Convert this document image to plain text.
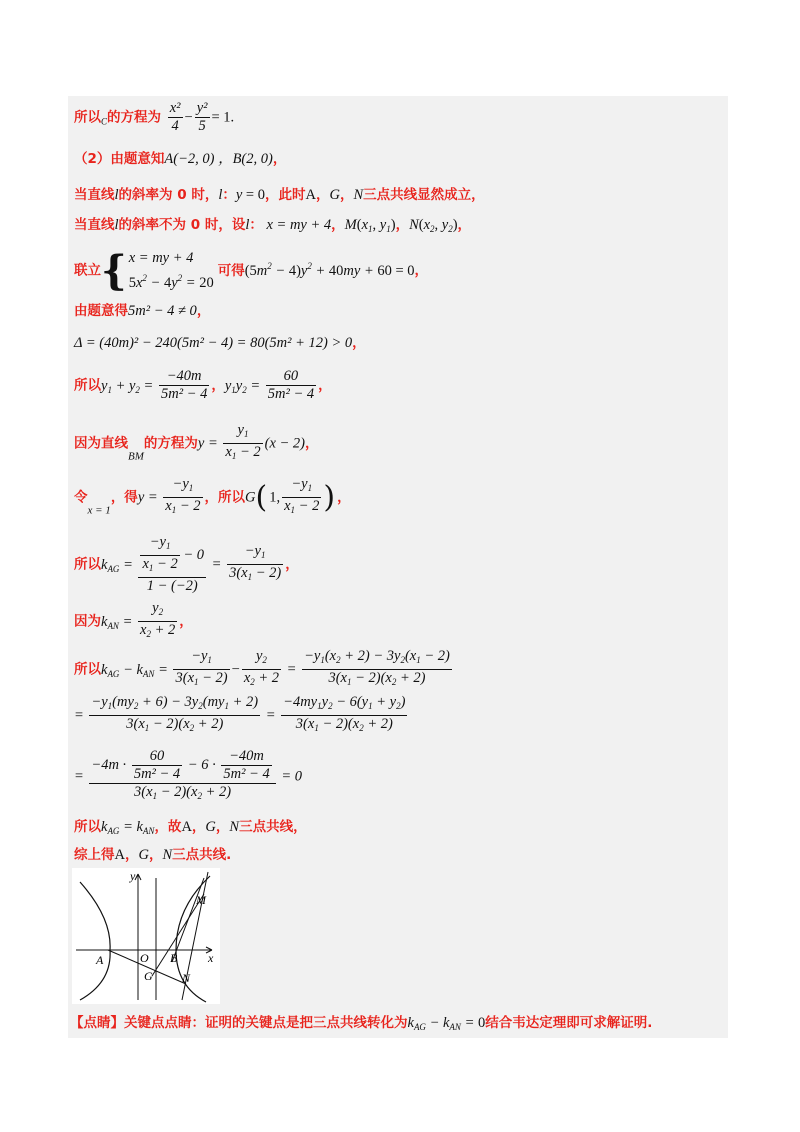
所以$_C$的方程为 $\frac{\text{x²}}{4} - \frac{\text{y²}}{5} = 1$.
（2）由题意知A(−2, 0) ，B(2, 0)，
当直线l的斜率为 0 时，l：y = 0，此时A，G，N三点共线显然成立，
当直线l的斜率不为 0 时，设l： x = my + 4，$M(x_1$, $y_1$)，$N(x_2$, $y_2$)，
联立{ x = my + 4
$5x^2 - 4y^2 = 20$
可得$(5m^2 - 4)y^2 + 40my + 60 = 0$，
由题意得5m² − 4 ≠ 0，
Δ = (40m)² − 240(5m² − 4) = 80(5m² + 12) > 0，
所以$y_1 + y_2 = \frac{-40m}{\text{5m² − 4}}$ ，$y_1y_2 = \frac{60}{\text{5m² − 4}}$ ，
因为直线$_{BM}$的方程为$y = \frac{y_1}{x_1 - 2} (x - 2)$，
令$_{x = 1}$，得$y = \frac{-y_1}{x_1 - 2}$ ，所以G( 1, $\frac{-y_1}{x_1 - 2}$ ) ，
所以$k_{AG} = \frac{\frac{-y_1}{x_1 - 2} - 0}{1 - (-2)} = \frac{-y_1}{3(x_1 - 2)}$ ，
因为$k_{AN} = \frac{y_2}{x_2 + 2}$ ，
所以$k_{AG} - k_{AN} = \frac{-y_1}{3(x_1 - 2)} - \frac{y_2}{x_2 + 2} = \frac{-y_1(x_2 + 2) - 3y_2(x_1 - 2)}{3(x_1 - 2)(x_2 + 2)}$
= $\frac{-y_1(my_2 + 6) - 3y_2(my_1 + 2)}{3(x_1 - 2)(x_2 + 2)} = \frac{-4my_1y_2 - 6(y_1 + y_2)}{3(x_1 - 2)(x_2 + 2)}$
= $\frac{-4m \cdot \frac{60}{\text{5m² − 4}} - 6 \cdot \frac{-40m}{\text{5m² − 4}}}{3(x_1 - 2)(x_2 + 2)} = 0$
所以$k_{AG} = k_{AN}$，故A，G，N三点共线，
综上得A，G，N三点共线.
y
x
O
A	B
G
M
N
【点睛】关键点点睛：证明的关键点是把三点共线转化为$k_{AG} - k_{AN} = 0$结合韦达定理即可求解证明.
